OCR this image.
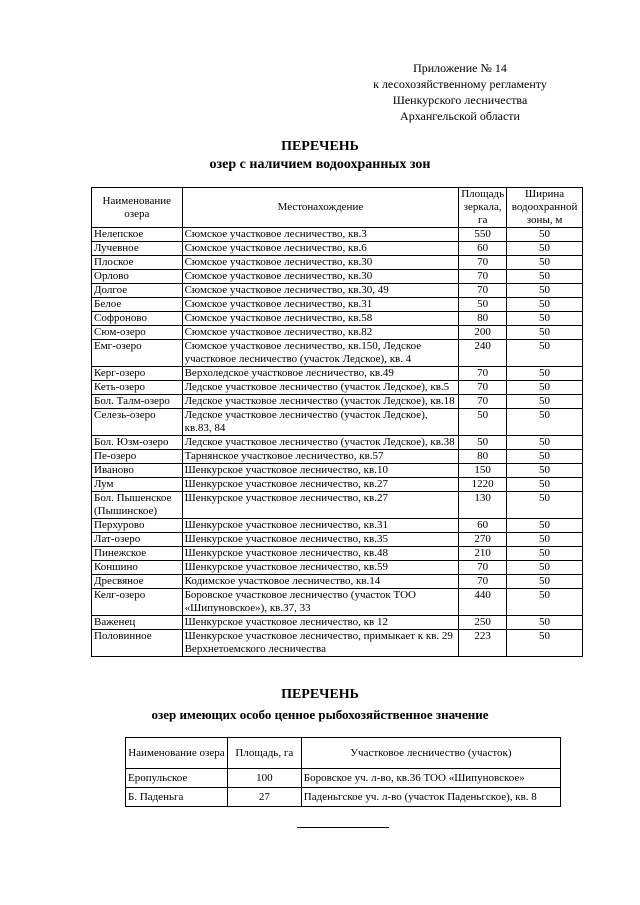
Приложение № 14
к лесохозяйственному регламенту
Шенкурского лесничества
Архангельской области
ПЕРЕЧЕНЬ
озер с наличием водоохранных зон
Наименование озера	Местонахождение	Площадь зеркала, га	Ширина водоохранной зоны, м
Нелепское	Сюмское участковое лесничество, кв.3	550	50
Лучевное	Сюмское участковое лесничество, кв.6	60	50
Плоское	Сюмское участковое лесничество, кв.30	70	50
Орлово	Сюмское участковое лесничество, кв.30	70	50
Долгое	Сюмское участковое лесничество, кв.30, 49	70	50
Белое	Сюмское участковое лесничество, кв.31	50	50
Софроново	Сюмское участковое лесничество, кв.58	80	50
Сюм-озеро	Сюмское участковое лесничество, кв.82	200	50
Емг-озеро	Сюмское участковое лесничество, кв.150, Ледское участковое лесничество (участок Ледское), кв. 4	240	50
Керг-озеро	Верхоледское участковое лесничество, кв.49	70	50
Кеть-озеро	Ледское участковое лесничество (участок Ледское), кв.5	70	50
Бол. Талм-озеро	Ледское участковое лесничество (участок Ледское), кв.18	70	50
Селезь-озеро	Ледское участковое лесничество (участок Ледское), кв.83, 84	50	50
Бол. Юзм-озеро	Ледское участковое лесничество (участок Ледское), кв.38	50	50
Пе-озеро	Тарнянское участковое лесничество, кв.57	80	50
Иваново	Шенкурское участковое лесничество, кв.10	150	50
Лум	Шенкурское участковое лесничество, кв.27	1220	50
Бол. Пышенское (Пышинское)	Шенкурское участковое лесничество, кв.27	130	50
Перхурово	Шенкурское участковое лесничество, кв.31	60	50
Лат-озеро	Шенкурское участковое лесничество, кв.35	270	50
Пинежское	Шенкурское участковое лесничество, кв.48	210	50
Коншино	Шенкурское участковое лесничество, кв.59	70	50
Дресвяное	Кодимское участковое лесничество, кв.14	70	50
Келг-озеро	Боровское участковое лесничество (участок ТОО «Шипуновское»), кв.37, 33	440	50
Важенец	Шенкурское участковое лесничество, кв 12	250	50
Половинное	Шенкурское участковое лесничество, примыкает к кв. 29 Верхнетоемского лесничества	223	50
ПЕРЕЧЕНЬ
озер имеющих особо ценное рыбохозяйственное значение
Наименование озера	Площадь, га	Участковое лесничество (участок)
Еропульское	100	Боровское уч. л-во, кв.36 ТОО «Шипуновское»
Б. Паденьга	27	Паденьгское уч. л-во (участок Паденьгское), кв. 8
